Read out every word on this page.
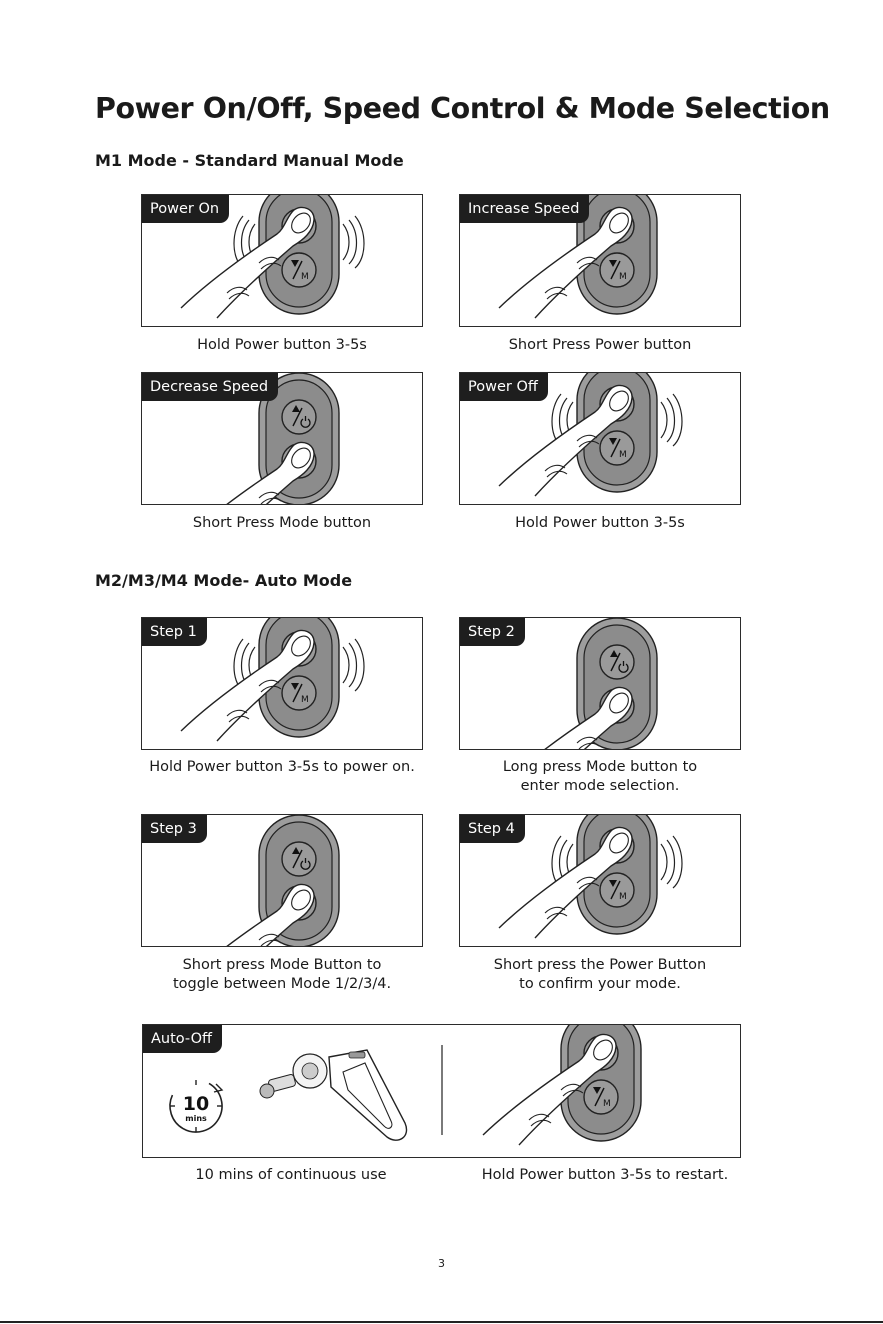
Power On/Off, Speed Control & Mode Selection
M1 Mode - Standard Manual Mode
Power On
Hold Power button 3-5s
Increase Speed
Short Press Power button
Decrease Speed
Short Press Mode button
Power Off
Hold Power button 3-5s
M2/M3/M4 Mode- Auto Mode
Step 1
Hold Power button 3-5s to power on.
Step 2
Long press Mode button to
enter mode selection.
Step 3
Short press Mode Button to
toggle between Mode 1/2/3/4.
Step 4
Short press the Power Button
to confirm your mode.
10
mins
Auto-Off
10 mins of continuous use	Hold Power button 3-5s to restart.
3
